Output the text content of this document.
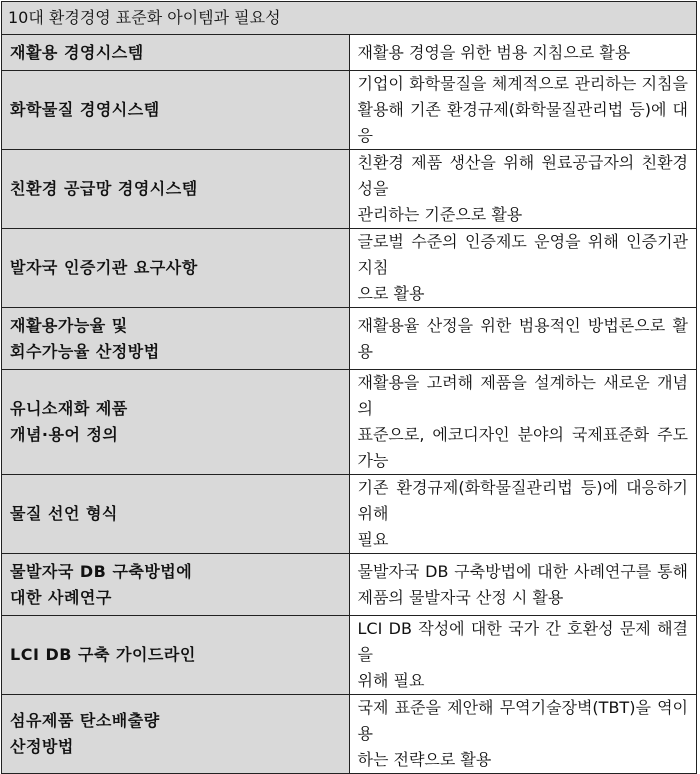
10대 환경경영 표준화 아이템과 필요성	

재활용 경영시스템	재활용 경영을 위한 범용 지침으로 활용

화학물질 경영시스템	기업이 화학물질을 체계적으로 관리하는 지침을
활용해 기존 환경규제(화학물질관리법 등)에 대응

친환경 공급망 경영시스템	친환경 제품 생산을 위해 원료공급자의 친환경성을
관리하는 기준으로 활용

발자국 인증기관 요구사항	글로벌 수준의 인증제도 운영을 위해 인증기관 지침
으로 활용

재활용가능율 및
회수가능율 산정방법	재활용율 산정을 위한 범용적인 방법론으로 활용

유니소재화 제품
개념·용어 정의	재활용을 고려해 제품을 설계하는 새로운 개념의
표준으로, 에코디자인 분야의 국제표준화 주도 가능

물질 선언 형식	기존 환경규제(화학물질관리법 등)에 대응하기 위해
필요

물발자국 DB 구축방법에
대한 사례연구	물발자국 DB 구축방법에 대한 사례연구를 통해
제품의 물발자국 산정 시 활용

LCI DB 구축 가이드라인	LCI DB 작성에 대한 국가 간 호환성 문제 해결을
위해 필요

섬유제품 탄소배출량
산정방법	국제 표준을 제안해 무역기술장벽(TBT)을 역이용
하는 전략으로 활용
